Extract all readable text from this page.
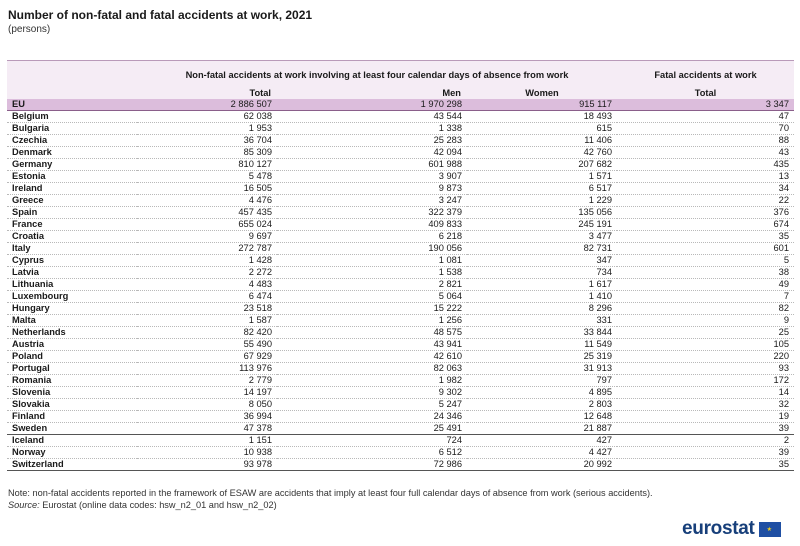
Number of non-fatal and fatal accidents at work, 2021
(persons)
	Non-fatal accidents at work involving at least four calendar days of absence from work			Fatal accidents at work
	Total	Men	Women	Total
EU	2 886 507	1 970 298	915 117	3 347
Belgium	62 038	43 544	18 493	47
Bulgaria	1 953	1 338	615	70
Czechia	36 704	25 283	11 406	88
Denmark	85 309	42 094	42 760	43
Germany	810 127	601 988	207 682	435
Estonia	5 478	3 907	1 571	13
Ireland	16 505	9 873	6 517	34
Greece	4 476	3 247	1 229	22
Spain	457 435	322 379	135 056	376
France	655 024	409 833	245 191	674
Croatia	9 697	6 218	3 477	35
Italy	272 787	190 056	82 731	601
Cyprus	1 428	1 081	347	5
Latvia	2 272	1 538	734	38
Lithuania	4 483	2 821	1 617	49
Luxembourg	6 474	5 064	1 410	7
Hungary	23 518	15 222	8 296	82
Malta	1 587	1 256	331	9
Netherlands	82 420	48 575	33 844	25
Austria	55 490	43 941	11 549	105
Poland	67 929	42 610	25 319	220
Portugal	113 976	82 063	31 913	93
Romania	2 779	1 982	797	172
Slovenia	14 197	9 302	4 895	14
Slovakia	8 050	5 247	2 803	32
Finland	36 994	24 346	12 648	19
Sweden	47 378	25 491	21 887	39
Iceland	1 151	724	427	2
Norway	10 938	6 512	4 427	39
Switzerland	93 978	72 986	20 992	35
Note: non-fatal accidents reported in the framework of ESAW are accidents that imply at least four full calendar days of absence from work (serious accidents).
Source: Eurostat (online data codes: hsw_n2_01 and hsw_n2_02)
eurostat
★
